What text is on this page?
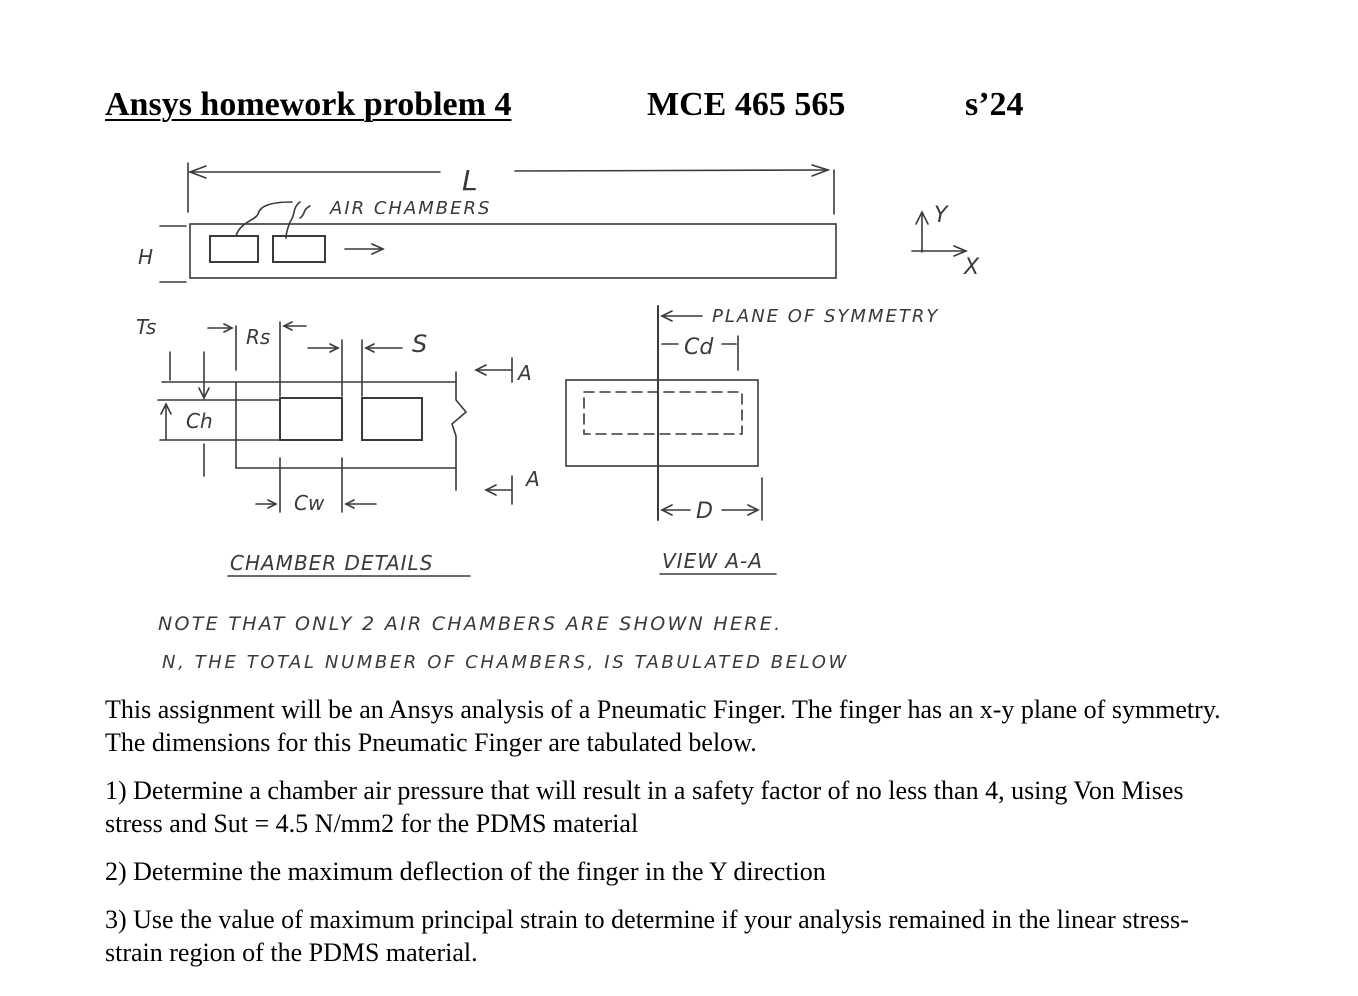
Ansys homework problem 4	MCE 465 565	s’24
L
AIR CHAMBERS
H
Y
X
Ts	Rs	S
A
Ch
Cw
A
PLANE OF SYMMETRY
Cd
D
CHAMBER DETAILS	VIEW A-A
NOTE THAT ONLY 2 AIR CHAMBERS ARE SHOWN HERE.
N, THE TOTAL NUMBER OF CHAMBERS, IS TABULATED BELOW
This assignment will be an Ansys analysis of a Pneumatic Finger. The finger has an x-y plane of symmetry. The dimensions for this Pneumatic Finger are tabulated below.
1) Determine a chamber air pressure that will result in a safety factor of no less than 4, using Von Mises stress and Sut = 4.5 N/mm2 for the PDMS material
2) Determine the maximum deflection of the finger in the Y direction
3) Use the value of maximum principal strain to determine if your analysis remained in the linear stress-strain region of the PDMS material.
